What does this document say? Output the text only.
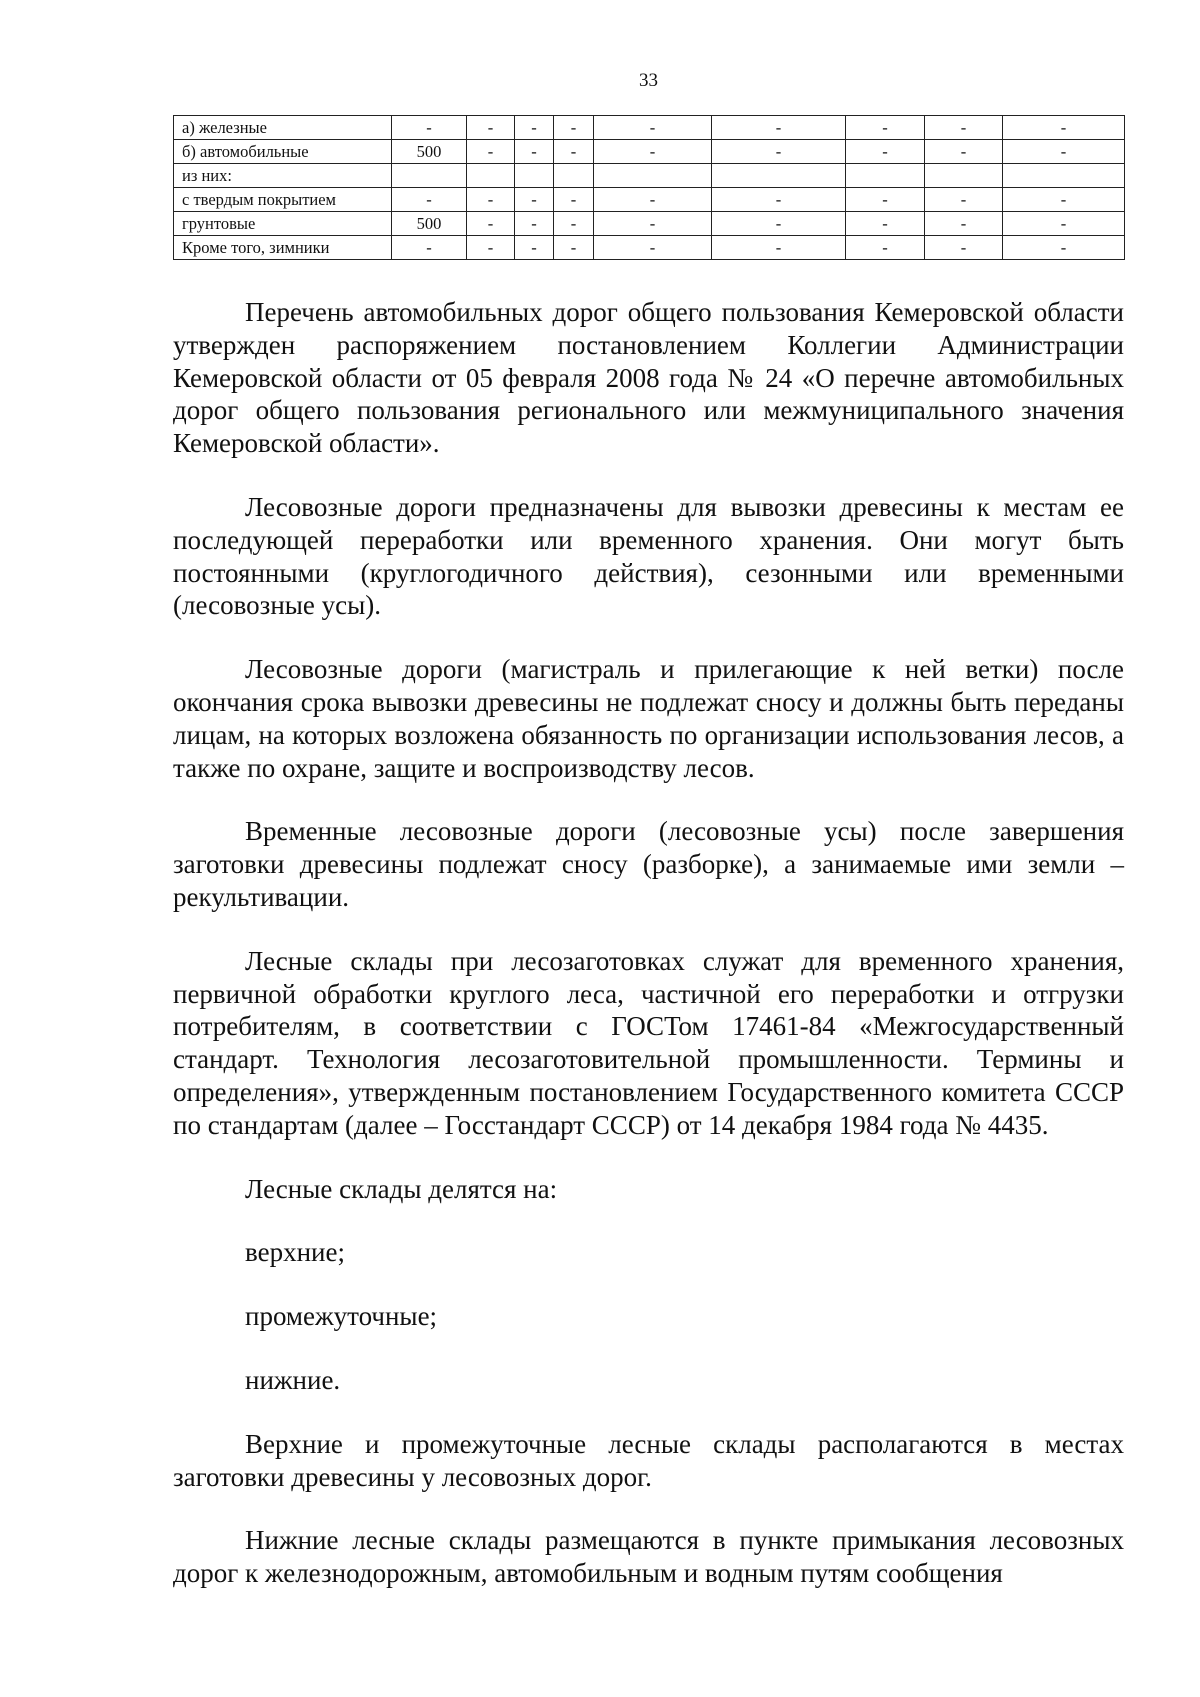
33
а) железные	-	-	-	-	-	-	-	-	-
б) автомобильные	500	-	-	-	-	-	-	-	-
из них:									
с твердым покрытием	-	-	-	-	-	-	-	-	-
грунтовые	500	-	-	-	-	-	-	-	-
Кроме того, зимники	-	-	-	-	-	-	-	-	-

Перечень автомобильных дорог общего пользования Кемеровской области утвержден распоряжением постановлением Коллегии Администрации Кемеровской области от 05 февраля 2008 года № 24 «О перечне автомобильных дорог общего пользования регионального или межмуниципального значения Кемеровской области».

Лесовозные дороги предназначены для вывозки древесины к местам ее последующей переработки или временного хранения. Они могут быть постоянными (круглогодичного действия), сезонными или временными (лесовозные усы).

Лесовозные дороги (магистраль и прилегающие к ней ветки) после окончания срока вывозки древесины не подлежат сносу и должны быть переданы лицам, на которых возложена обязанность по организации использования лесов, а также по охране, защите и воспроизводству лесов.

Временные лесовозные дороги (лесовозные усы) после завершения заготовки древесины подлежат сносу (разборке), а занимаемые ими земли – рекультивации.

Лесные склады при лесозаготовках служат для временного хранения, первичной обработки круглого леса, частичной его переработки и отгрузки потребителям, в соответствии с ГОСТом 17461-84 «Межгосударственный стандарт. Технология лесозаготовительной промышленности. Термины и определения», утвержденным постановлением Государственного комитета СССР по стандартам (далее – Госстандарт СССР) от 14 декабря 1984 года № 4435.

Лесные склады делятся на:

верхние;

промежуточные;

нижние.

Верхние и промежуточные лесные склады располагаются в местах заготовки древесины у лесовозных дорог.

Нижние лесные склады размещаются в пункте примыкания лесовозных дорог к железнодорожным, автомобильным и водным путям сообщения
